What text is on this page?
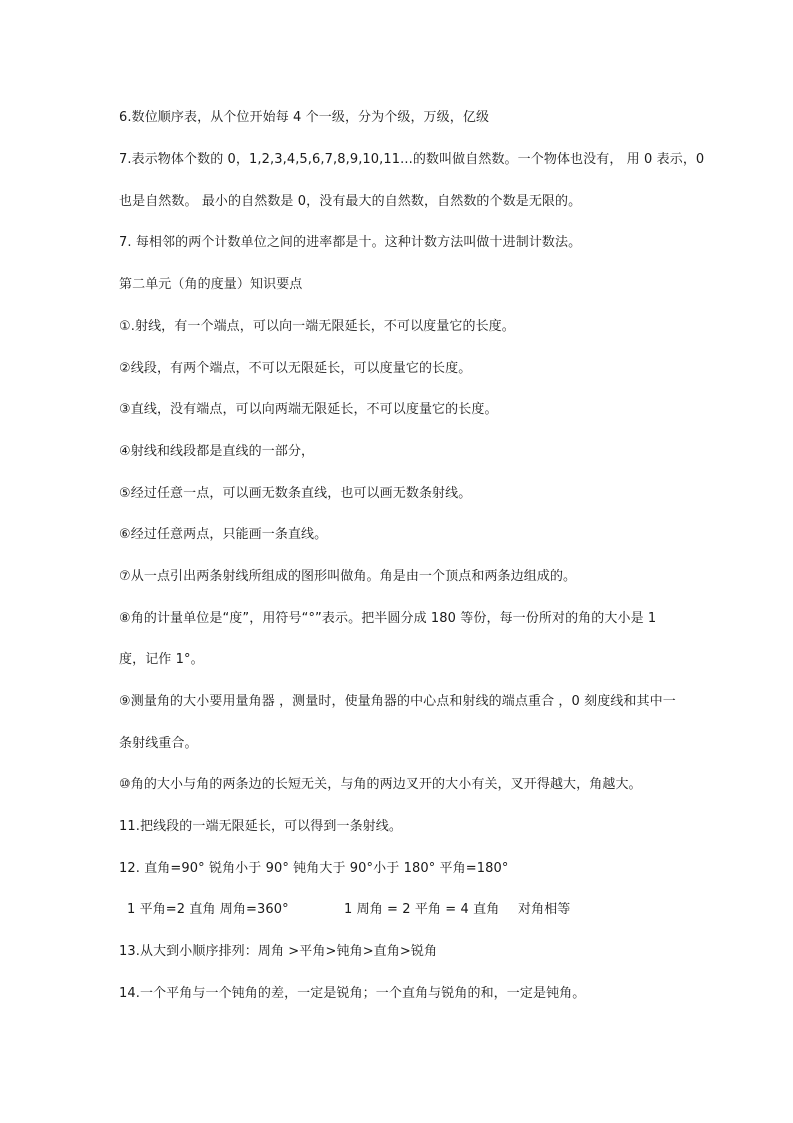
6.数位顺序表，从个位开始每 4 个一级，分为个级，万级，亿级
7.表示物体个数的 0，1,2,3,4,5,6,7,8,9,10,11...的数叫做自然数。一个物体也没有， 用 0 表示，0
也是自然数。 最小的自然数是 0，没有最大的自然数，自然数的个数是无限的。
7. 每相邻的两个计数单位之间的进率都是十。这种计数方法叫做十进制计数法。
第二单元（角的度量）知识要点
①.射线，有一个端点，可以向一端无限延长，不可以度量它的长度。
②线段，有两个端点，不可以无限延长，可以度量它的长度。
③直线，没有端点，可以向两端无限延长，不可以度量它的长度。
④射线和线段都是直线的一部分，
⑤经过任意一点，可以画无数条直线，也可以画无数条射线。
⑥经过任意两点，只能画一条直线。
⑦从一点引出两条射线所组成的图形叫做角。角是由一个顶点和两条边组成的。
⑧角的计量单位是“度”，用符号“°”表示。把半圆分成 180 等份，每一份所对的角的大小是 1
度，记作 1°。
⑨测量角的大小要用量角器 ，测量时，使量角器的中心点和射线的端点重合 ，0 刻度线和其中一
条射线重合。
⑩角的大小与角的两条边的长短无关，与角的两边叉开的大小有关，叉开得越大，角越大。
11.把线段的一端无限延长，可以得到一条射线。
12. 直角=90° 锐角小于 90° 钝角大于 90°小于 180° 平角=180°
1 平角=2 直角 周角=360°	1 周角 = 2 平角 = 4 直角 对角相等
13.从大到小顺序排列：周角 >平角>钝角>直角>锐角
14.一个平角与一个钝角的差，一定是锐角；一个直角与锐角的和，一定是钝角。
